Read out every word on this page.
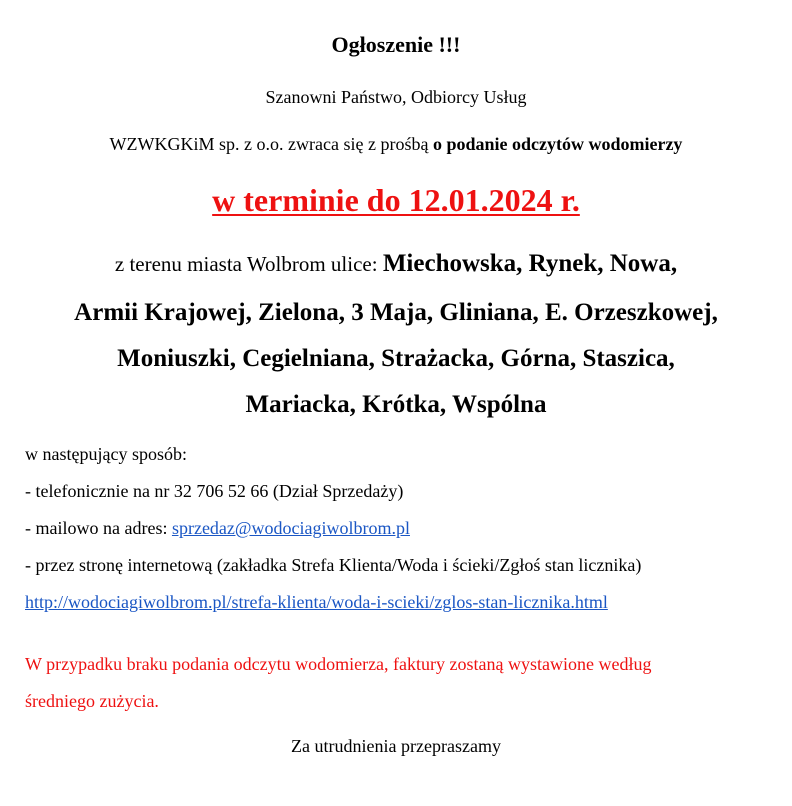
Ogłoszenie !!!
Szanowni Państwo, Odbiorcy Usług
WZWKGKiM sp. z o.o. zwraca się z prośbą o podanie odczytów wodomierzy
w terminie do 12.01.2024 r.
z terenu miasta Wolbrom ulice: Miechowska, Rynek, Nowa,
Armii Krajowej, Zielona, 3 Maja, Gliniana, E. Orzeszkowej,
Moniuszki, Cegielniana, Strażacka, Górna, Staszica,
Mariacka, Krótka, Wspólna
w następujący sposób:
- telefonicznie na nr 32 706 52 66 (Dział Sprzedaży)
- mailowo na adres: sprzedaz@wodociagiwolbrom.pl
- przez stronę internetową (zakładka Strefa Klienta/Woda i ścieki/Zgłoś stan licznika)
http://wodociagiwolbrom.pl/strefa-klienta/woda-i-scieki/zglos-stan-licznika.html
W przypadku braku podania odczytu wodomierza, faktury zostaną wystawione według
średniego zużycia.
Za utrudnienia przepraszamy
